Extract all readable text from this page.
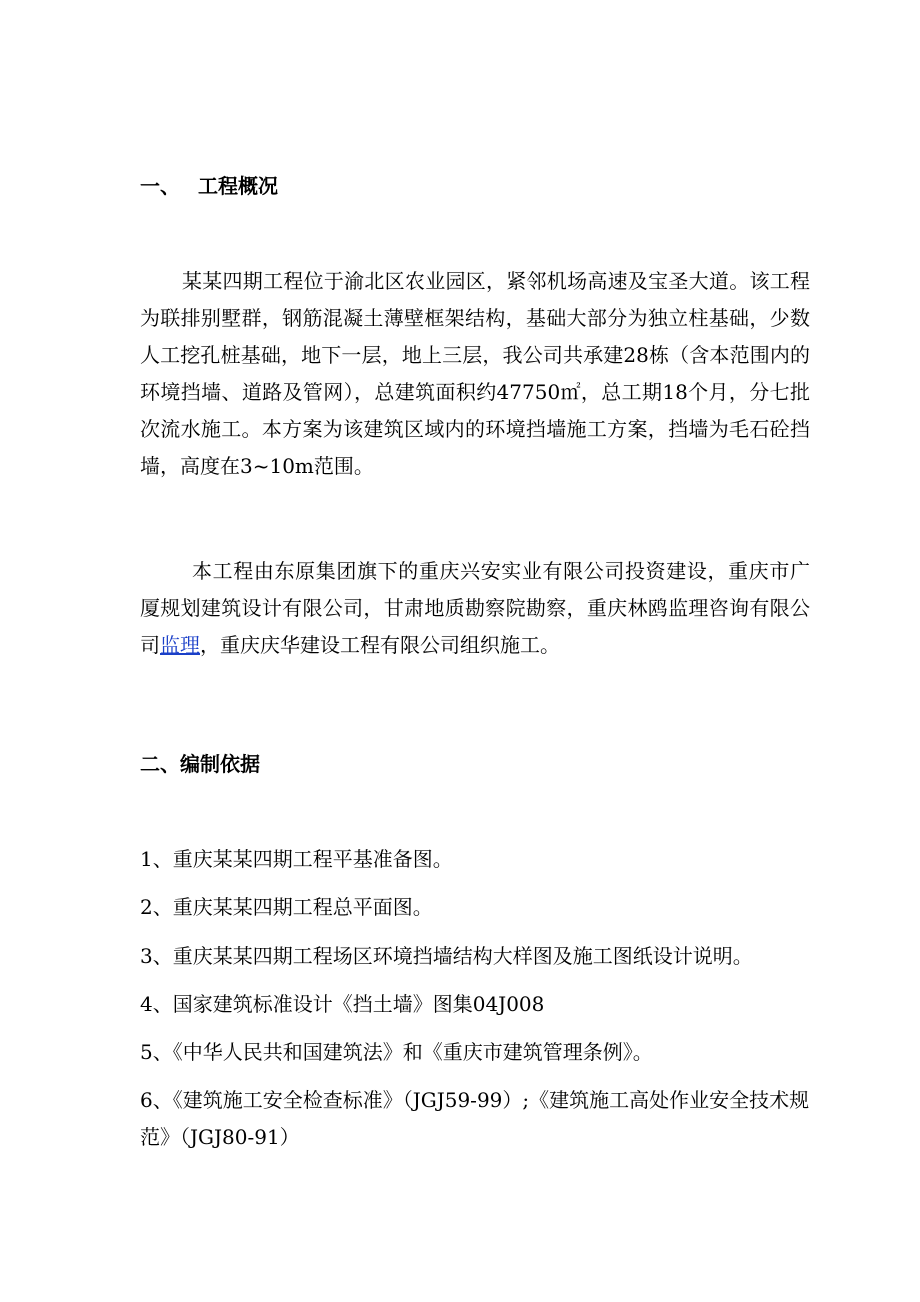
一、 工程概况

某某四期工程位于渝北区农业园区，紧邻机场高速及宝圣大道。该工程为联排别墅群，钢筋混凝土薄壁框架结构，基础大部分为独立柱基础，少数人工挖孔桩基础，地下一层，地上三层，我公司共承建28栋（含本范围内的环境挡墙、道路及管网），总建筑面积约47750㎡，总工期18个月，分七批次流水施工。本方案为该建筑区域内的环境挡墙施工方案，挡墙为毛石砼挡墙，高度在3~10m范围。

本工程由东原集团旗下的重庆兴安实业有限公司投资建设，重庆市广厦规划建筑设计有限公司，甘肃地质勘察院勘察，重庆林鸥监理咨询有限公司监理，重庆庆华建设工程有限公司组织施工。

二、编制依据

1、重庆某某四期工程平基准备图。

2、重庆某某四期工程总平面图。

3、重庆某某四期工程场区环境挡墙结构大样图及施工图纸设计说明。

4、国家建筑标准设计《挡土墙》图集04J008

5、《中华人民共和国建筑法》和《重庆市建筑管理条例》。

6、《建筑施工安全检查标准》（JGJ59-99）;《建筑施工高处作业安全技术规范》（JGJ80-91）
